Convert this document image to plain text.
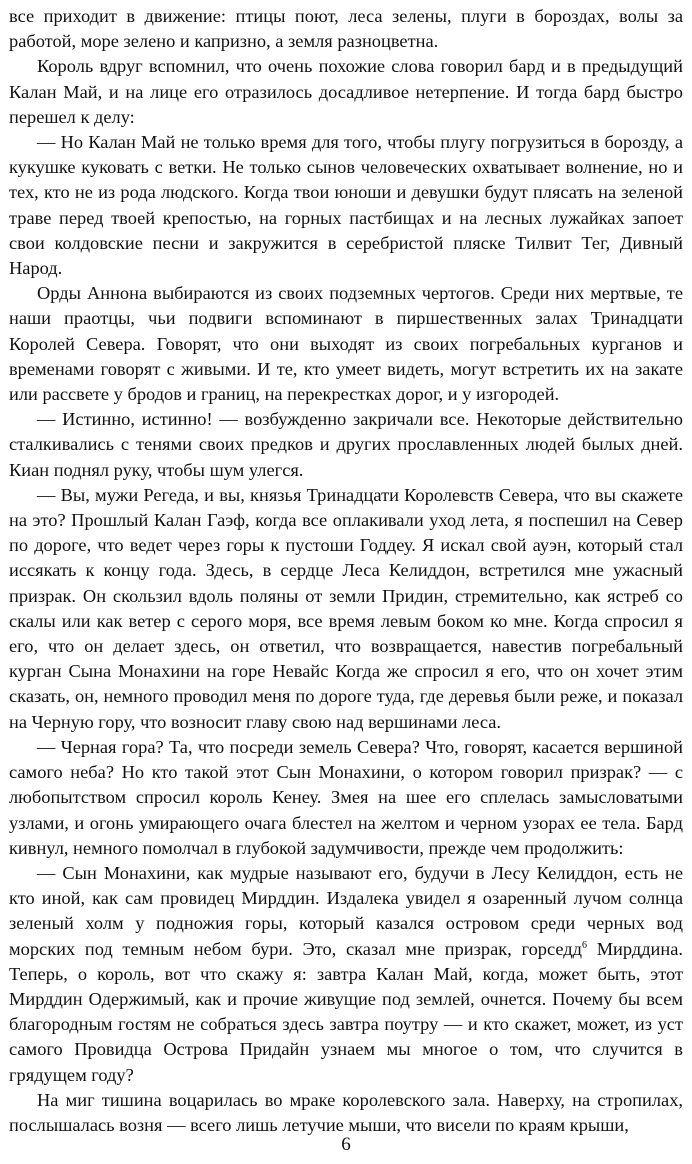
все приходит в движение: птицы поют, леса зелены, плуги в бороздах, волы за работой, море зелено и капризно, а земля разноцветна.

Король вдруг вспомнил, что очень похожие слова говорил бард и в предыдущий Калан Май, и на лице его отразилось досадливое нетерпение. И тогда бард быстро перешел к делу:

— Но Калан Май не только время для того, чтобы плугу погрузиться в борозду, а кукушке куковать с ветки. Не только сынов человеческих охватывает волнение, но и тех, кто не из рода людского. Когда твои юноши и девушки будут плясать на зеленой траве перед твоей крепостью, на горных пастбищах и на лесных лужайках запоет свои колдовские песни и закружится в серебристой пляске Тилвит Тег, Дивный Народ.

Орды Аннона выбираются из своих подземных чертогов. Среди них мертвые, те наши праотцы, чьи подвиги вспоминают в пиршественных залах Тринадцати Королей Севера. Говорят, что они выходят из своих погребальных курганов и временами говорят с живыми. И те, кто умеет видеть, могут встретить их на закате или рассвете у бродов и границ, на перекрестках дорог, и у изгородей.

— Истинно, истинно! — возбужденно закричали все. Некоторые действительно сталкивались с тенями своих предков и других прославленных людей былых дней. Киан поднял руку, чтобы шум улегся.

— Вы, мужи Регеда, и вы, князья Тринадцати Королевств Севера, что вы скажете на это? Прошлый Калан Гаэф, когда все оплакивали уход лета, я поспешил на Север по дороге, что ведет через горы к пустоши Годдеу. Я искал свой ауэн, который стал иссякать к концу года. Здесь, в сердце Леса Келиддон, встретился мне ужасный призрак. Он скользил вдоль поляны от земли Придин, стремительно, как ястреб со скалы или как ветер с серого моря, все время левым боком ко мне. Когда спросил я его, что он делает здесь, он ответил, что возвращается, навестив погребальный курган Сына Монахини на горе Невайс Когда же спросил я его, что он хочет этим сказать, он, немного проводил меня по дороге туда, где деревья были реже, и показал на Черную гору, что возносит главу свою над вершинами леса.

— Черная гора? Та, что посреди земель Севера? Что, говорят, касается вершиной самого неба? Но кто такой этот Сын Монахини, о котором говорил призрак? — с любопытством спросил король Кенеу. Змея на шее его сплелась замысловатыми узлами, и огонь умирающего очага блестел на желтом и черном узорах ее тела. Бард кивнул, немного помолчал в глубокой задумчивости, прежде чем продолжить:

— Сын Монахини, как мудрые называют его, будучи в Лесу Келиддон, есть не кто иной, как сам провидец Мирддин. Издалека увидел я озаренный лучом солнца зеленый холм у подножия горы, который казался островом среди черных вод морских под темным небом бури. Это, сказал мне призрак, горседд$^6$ Мирддина. Теперь, о король, вот что скажу я: завтра Калан Май, когда, может быть, этот Мирддин Одержимый, как и прочие живущие под землей, очнется. Почему бы всем благородным гостям не собраться здесь завтра поутру — и кто скажет, может, из уст самого Провидца Острова Придайн узнаем мы многое о том, что случится в грядущем году?

На миг тишина воцарилась во мраке королевского зала. Наверху, на стропилах, послышалась возня — всего лишь летучие мыши, что висели по краям крыши,

6
